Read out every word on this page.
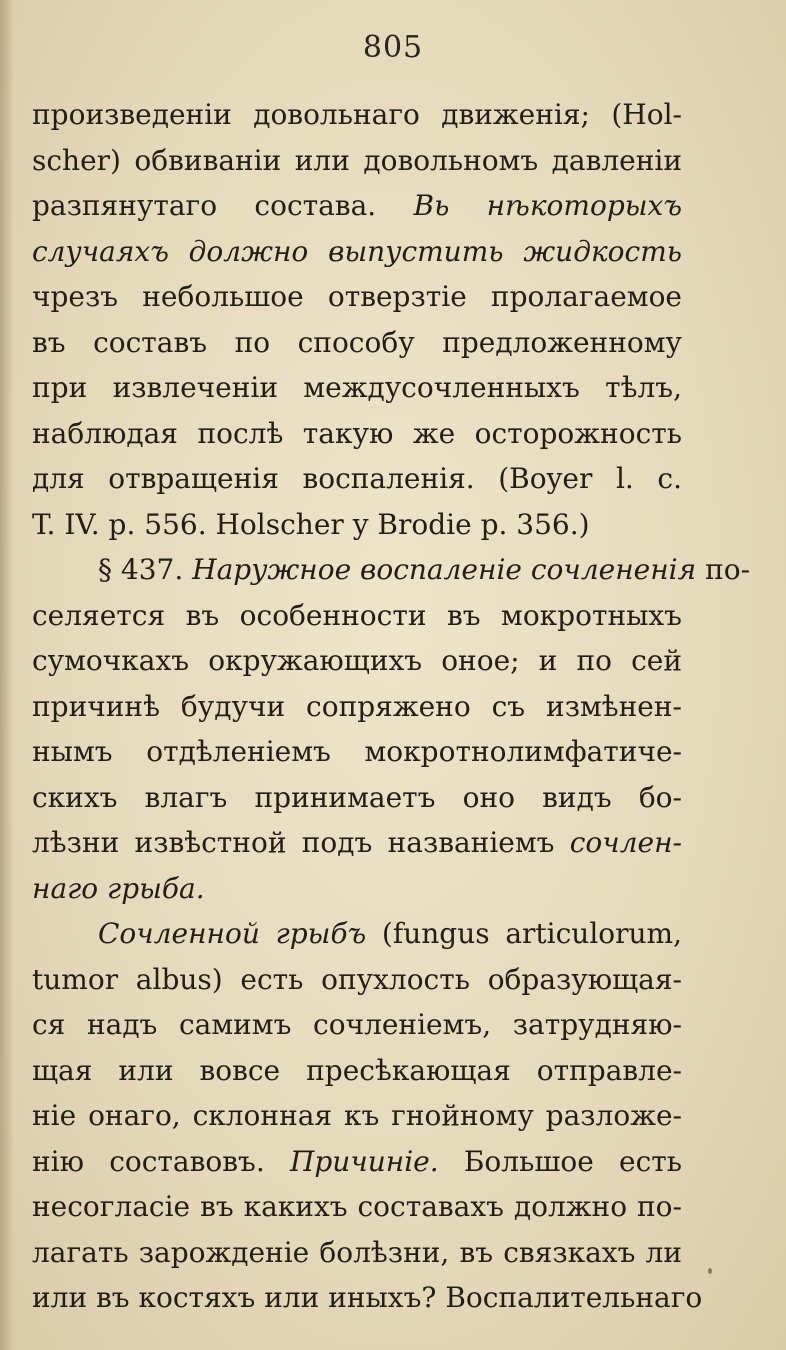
805
произведеніи довольнаго движенія; (Hol-
scher) обвиваніи или довольномъ давленіи
разпянутаго состава. Вь нѣкоторыхъ
случаяхъ должно выпустить жидкость
чрезъ небольшое отверзтіе пролагаемое
въ составъ по способу предложенному
при извлеченіи междусочленныхъ тѣлъ,
наблюдая послѣ такую же осторожность
для отвращенія воспаленія. (Boyer l. c.
T. IV. p. 556. Holscher y Brodie p. 356.)
§ 437. Наружное воспаленіе сочлененія по-
селяется въ особенности въ мокротныхъ
сумочкахъ окружающихъ оное; и по сей
причинѣ будучи сопряжено съ измѣнен-
нымъ отдѣленіемъ мокротнолимфатиче-
скихъ влагъ принимаетъ оно видъ бо-
лѣзни извѣстной подъ названіемъ сочлен-
наго грыба.
Сочленной грыбъ (fungus articulorum,
tumor albus) есть опухлость образующая-
ся надъ самимъ сочленіемъ, затрудняю-
щая или вовсе пресѣкающая отправле-
ніе онаго, склонная къ гнойному разложе-
нію составовъ. Причиніе. Большое есть
несогласіе въ какихъ составахъ должно по-
лагать зарожденіе болѣзни, въ связкахъ ли
или въ костяхъ или иныхъ? Воспалительнаго
